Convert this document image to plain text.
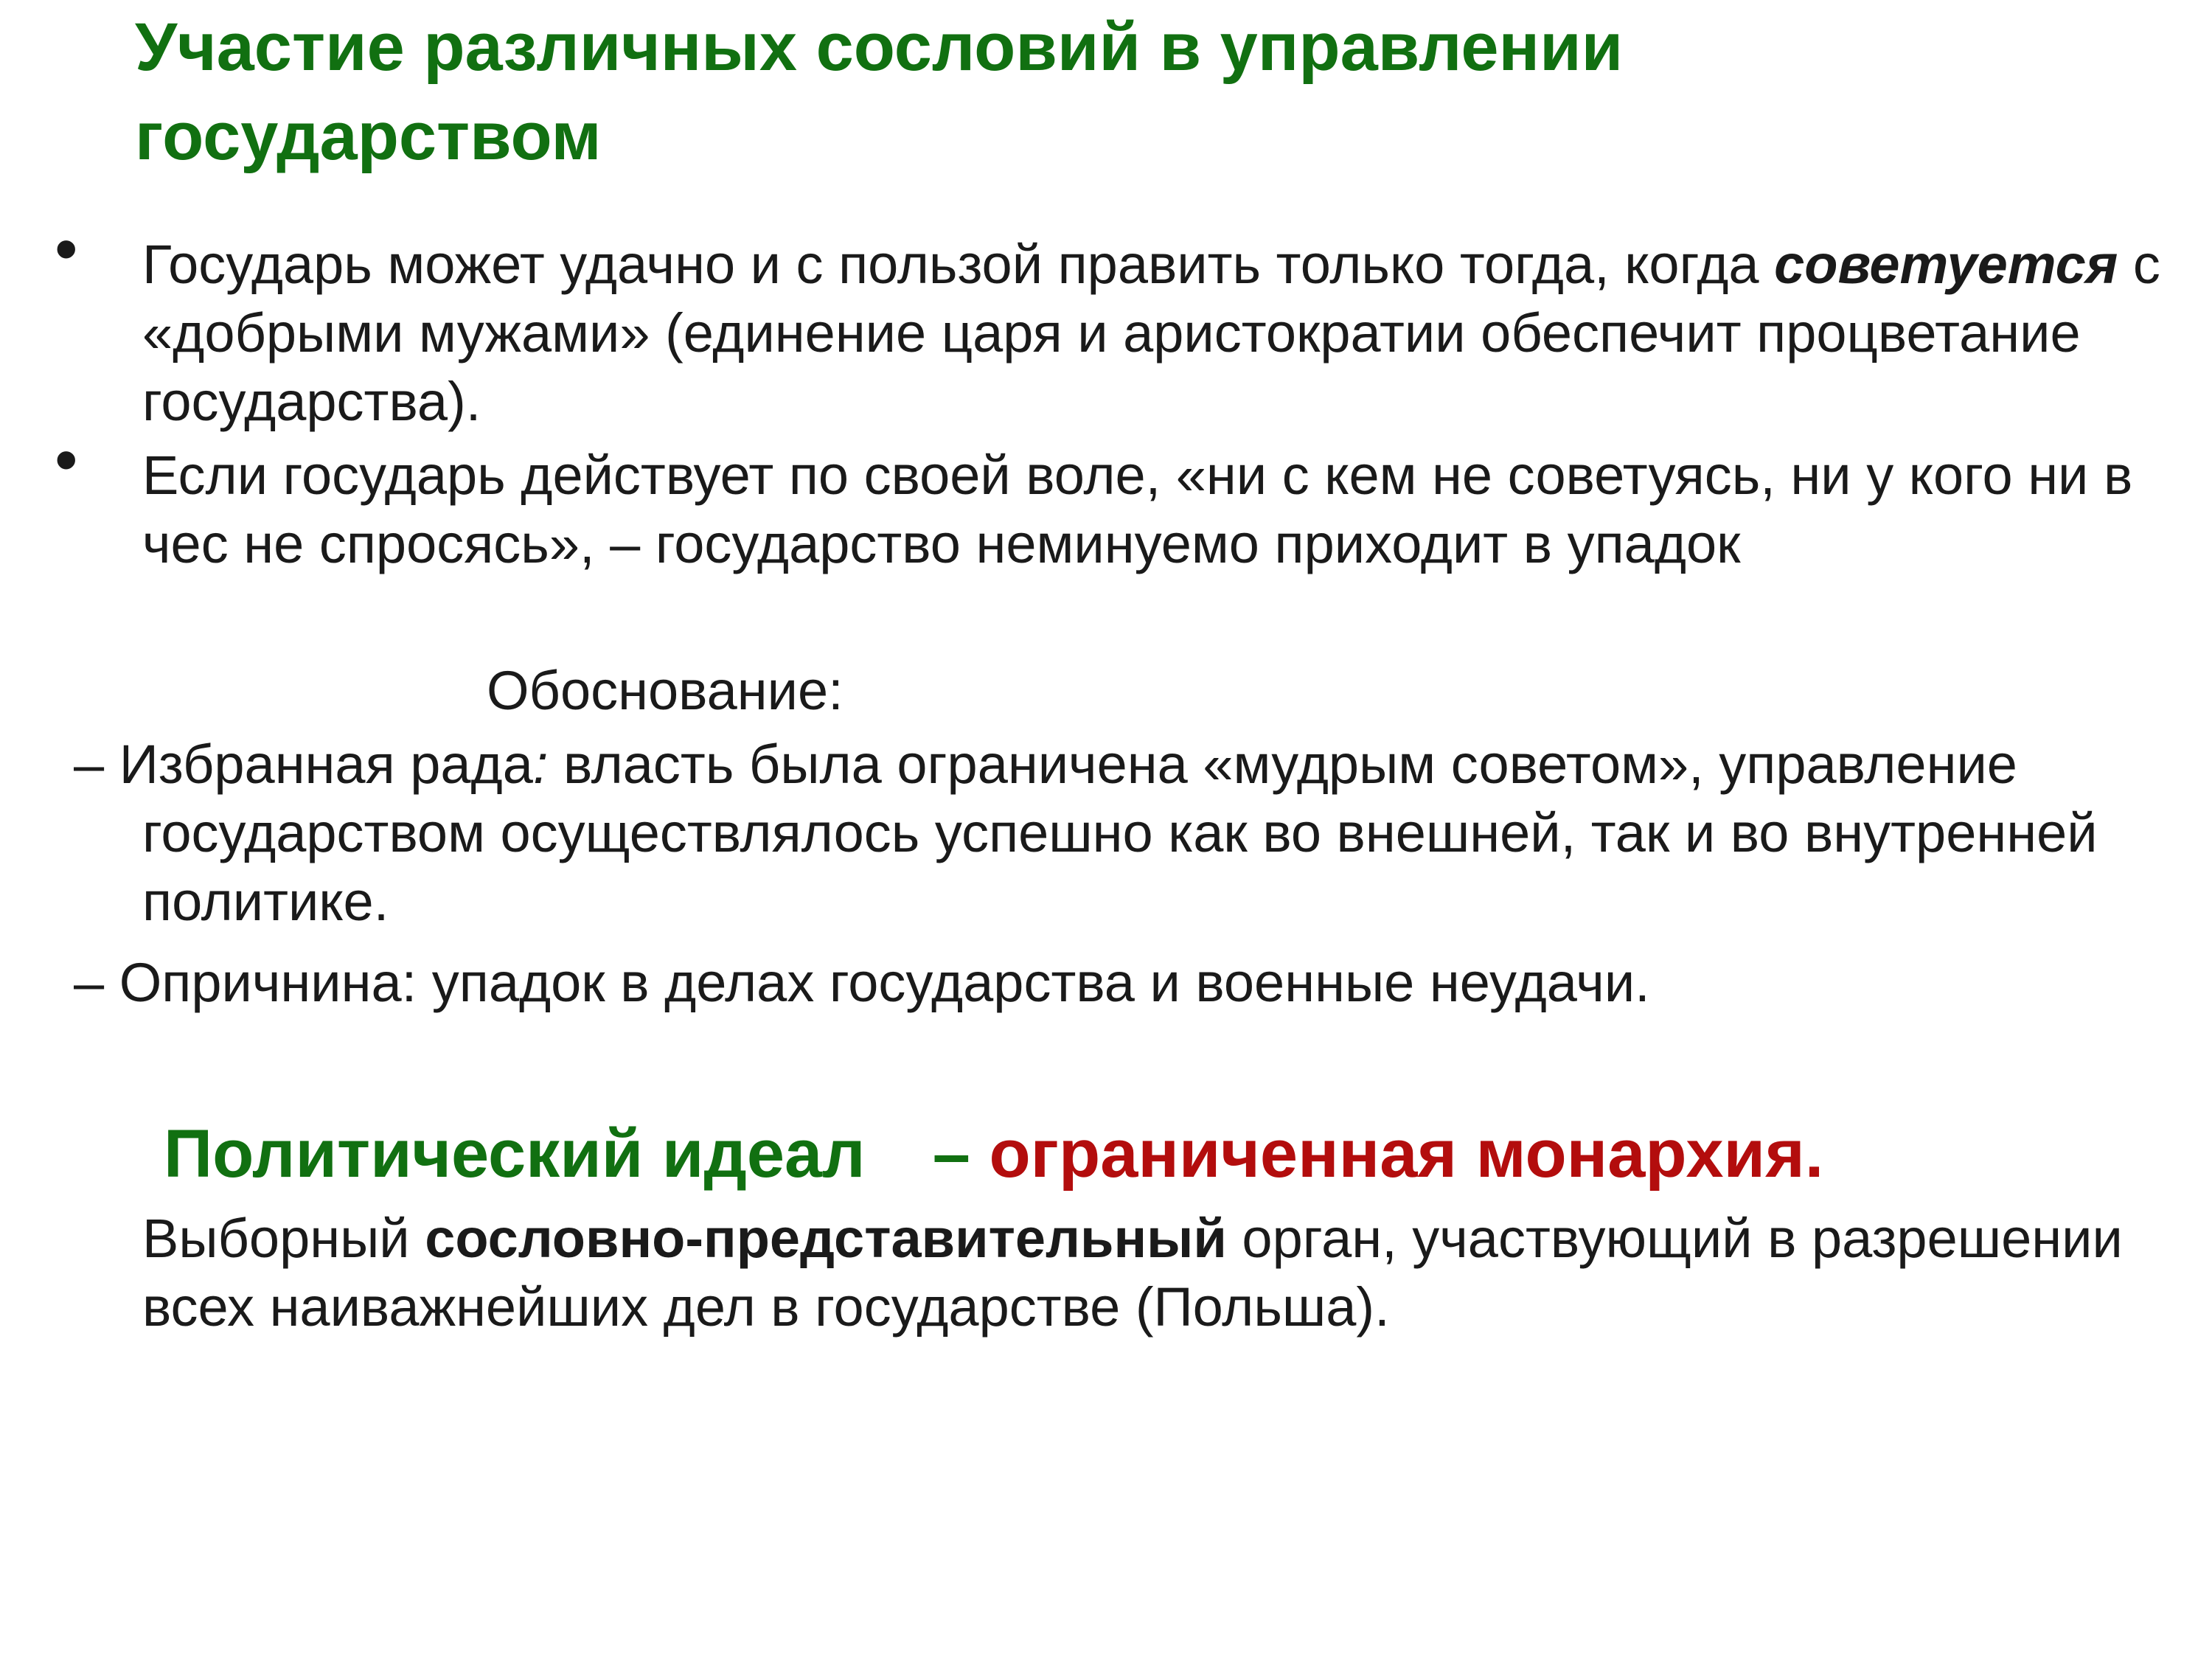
Участие различных сословий в управлении государством
• Государь может удачно и с пользой править только тогда, когда советуется с «добрыми мужами» (единение царя и аристократии обеспечит процветание государства).
• Если государь действует по своей воле, «ни с кем не советуясь, ни у кого ни в чес не спросясь», – государство неминуемо приходит в упадок
Обоснование:
– Избранная рада: власть была ограничена «мудрым советом», управление государством осуществлялось успешно как во внешней, так и во внутренней политике.
– Опричнина: упадок в делах государства и военные неудачи.
Политический идеал – ограниченная монархия.
Выборный сословно-представительный орган, участвующий в разрешении всех наиважнейших дел в государстве (Польша).
